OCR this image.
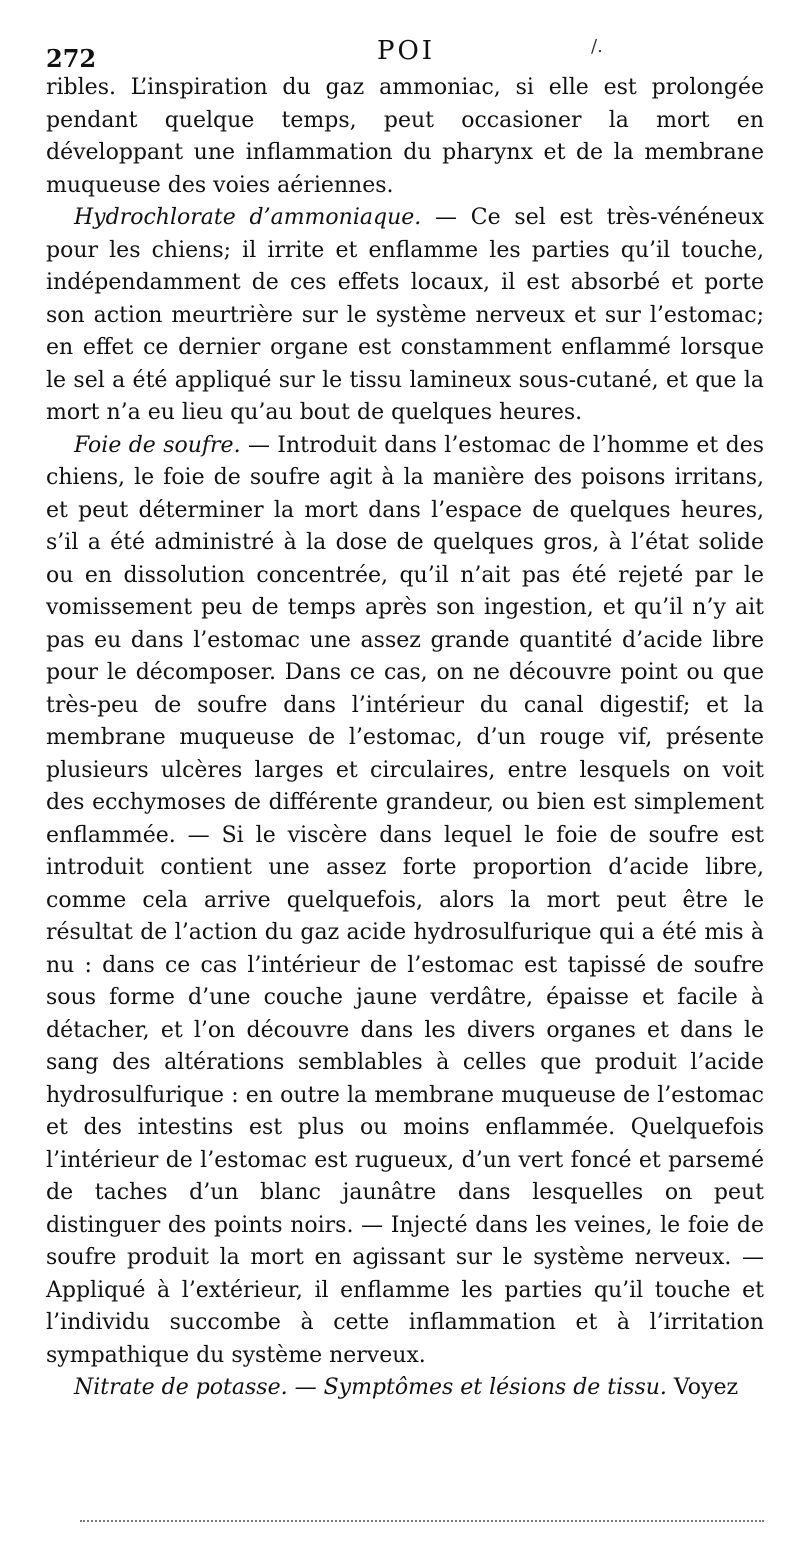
272	POI	/.

ribles. L’inspiration du gaz ammoniac, si elle est prolongée pendant quelque temps, peut occasioner la mort en développant une inflammation du pharynx et de la membrane muqueuse des voies aériennes.

Hydrochlorate d’ammoniaque. — Ce sel est très-vénéneux pour les chiens; il irrite et enflamme les parties qu’il touche, indépendamment de ces effets locaux, il est absorbé et porte son action meurtrière sur le système nerveux et sur l’estomac; en effet ce dernier organe est constamment enflammé lorsque le sel a été appliqué sur le tissu lamineux sous-cutané, et que la mort n’a eu lieu qu’au bout de quelques heures.

Foie de soufre. — Introduit dans l’estomac de l’homme et des chiens, le foie de soufre agit à la manière des poisons irritans, et peut déterminer la mort dans l’espace de quelques heures, s’il a été administré à la dose de quelques gros, à l’état solide ou en dissolution concentrée, qu’il n’ait pas été rejeté par le vomissement peu de temps après son ingestion, et qu’il n’y ait pas eu dans l’estomac une assez grande quantité d’acide libre pour le décomposer. Dans ce cas, on ne découvre point ou que très-peu de soufre dans l’intérieur du canal digestif; et la membrane muqueuse de l’estomac, d’un rouge vif, présente plusieurs ulcères larges et circulaires, entre lesquels on voit des ecchymoses de différente grandeur, ou bien est simplement enflammée. — Si le viscère dans lequel le foie de soufre est introduit contient une assez forte proportion d’acide libre, comme cela arrive quelquefois, alors la mort peut être le résultat de l’action du gaz acide hydrosulfurique qui a été mis à nu : dans ce cas l’intérieur de l’estomac est tapissé de soufre sous forme d’une couche jaune verdâtre, épaisse et facile à détacher, et l’on découvre dans les divers organes et dans le sang des altérations semblables à celles que produit l’acide hydrosulfurique : en outre la membrane muqueuse de l’estomac et des intestins est plus ou moins enflammée. Quelquefois l’intérieur de l’estomac est rugueux, d’un vert foncé et parsemé de taches d’un blanc jaunâtre dans lesquelles on peut distinguer des points noirs. — Injecté dans les veines, le foie de soufre produit la mort en agissant sur le système nerveux. — Appliqué à l’extérieur, il enflamme les parties qu’il touche et l’individu succombe à cette inflammation et à l’irritation sympathique du système nerveux.

Nitrate de potasse. — Symptômes et lésions de tissu. Voyez
